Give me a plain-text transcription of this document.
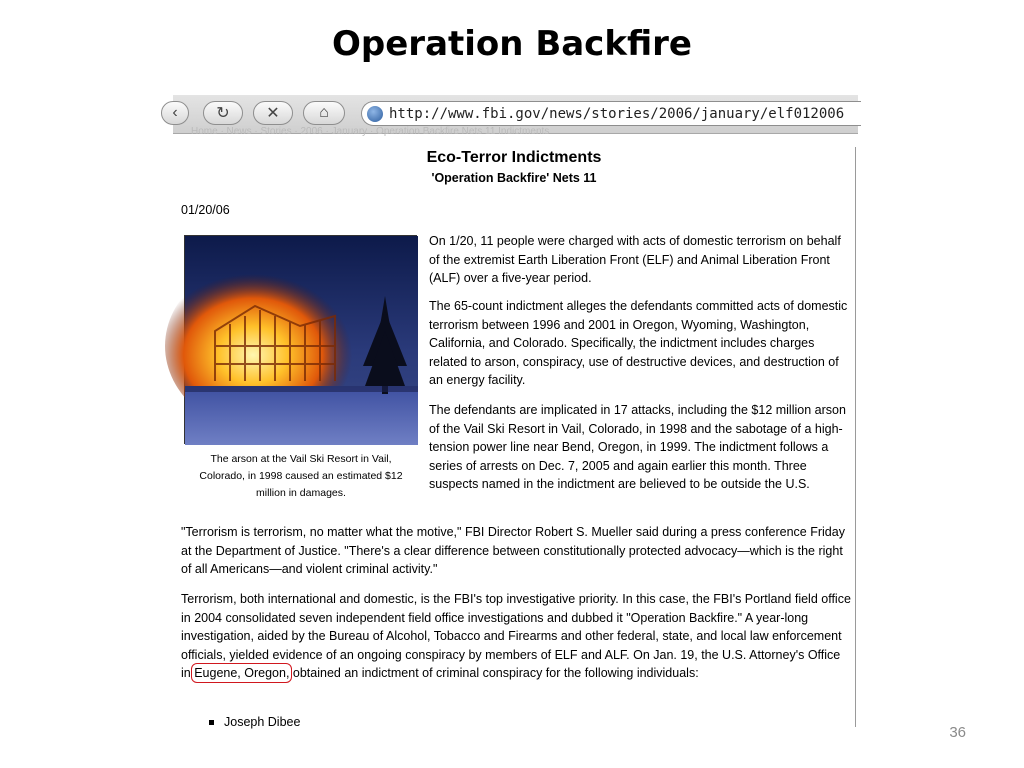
Operation Backfire
‹ ↻ ✕ ⌂	http://www.fbi.gov/news/stories/2006/january/elf012006
Home · News · Stories · 2006 · January · Operation Backfire Nets 11 Indictments
Eco-Terror Indictments
'Operation Backfire' Nets 11
01/20/06
The arson at the Vail Ski Resort in Vail, Colorado, in 1998 caused an estimated $12 million in damages.

On 1/20, 11 people were charged with acts of domestic terrorism on behalf of the extremist Earth Liberation Front (ELF) and Animal Liberation Front (ALF) over a five-year period.

The 65-count indictment alleges the defendants committed acts of domestic terrorism between 1996 and 2001 in Oregon, Wyoming, Washington, California, and Colorado. Specifically, the indictment includes charges related to arson, conspiracy, use of destructive devices, and destruction of an energy facility.

The defendants are implicated in 17 attacks, including the $12 million arson of the Vail Ski Resort in Vail, Colorado, in 1998 and the sabotage of a high-tension power line near Bend, Oregon, in 1999. The indictment follows a series of arrests on Dec. 7, 2005 and again earlier this month. Three suspects named in the indictment are believed to be outside the U.S.

"Terrorism is terrorism, no matter what the motive," FBI Director Robert S. Mueller said during a press conference Friday at the Department of Justice. "There's a clear difference between constitutionally protected advocacy—which is the right of all Americans—and violent criminal activity."

Terrorism, both international and domestic, is the FBI's top investigative priority. In this case, the FBI's Portland field office in 2004 consolidated seven independent field office investigations and dubbed it "Operation Backfire." A year-long investigation, aided by the Bureau of Alcohol, Tobacco and Firearms and other federal, state, and local law enforcement officials, yielded evidence of an ongoing conspiracy by members of ELF and ALF. On Jan. 19, the U.S. Attorney's Office in Eugene, Oregon, obtained an indictment of criminal conspiracy for the following individuals:

Joseph Dibee
36
